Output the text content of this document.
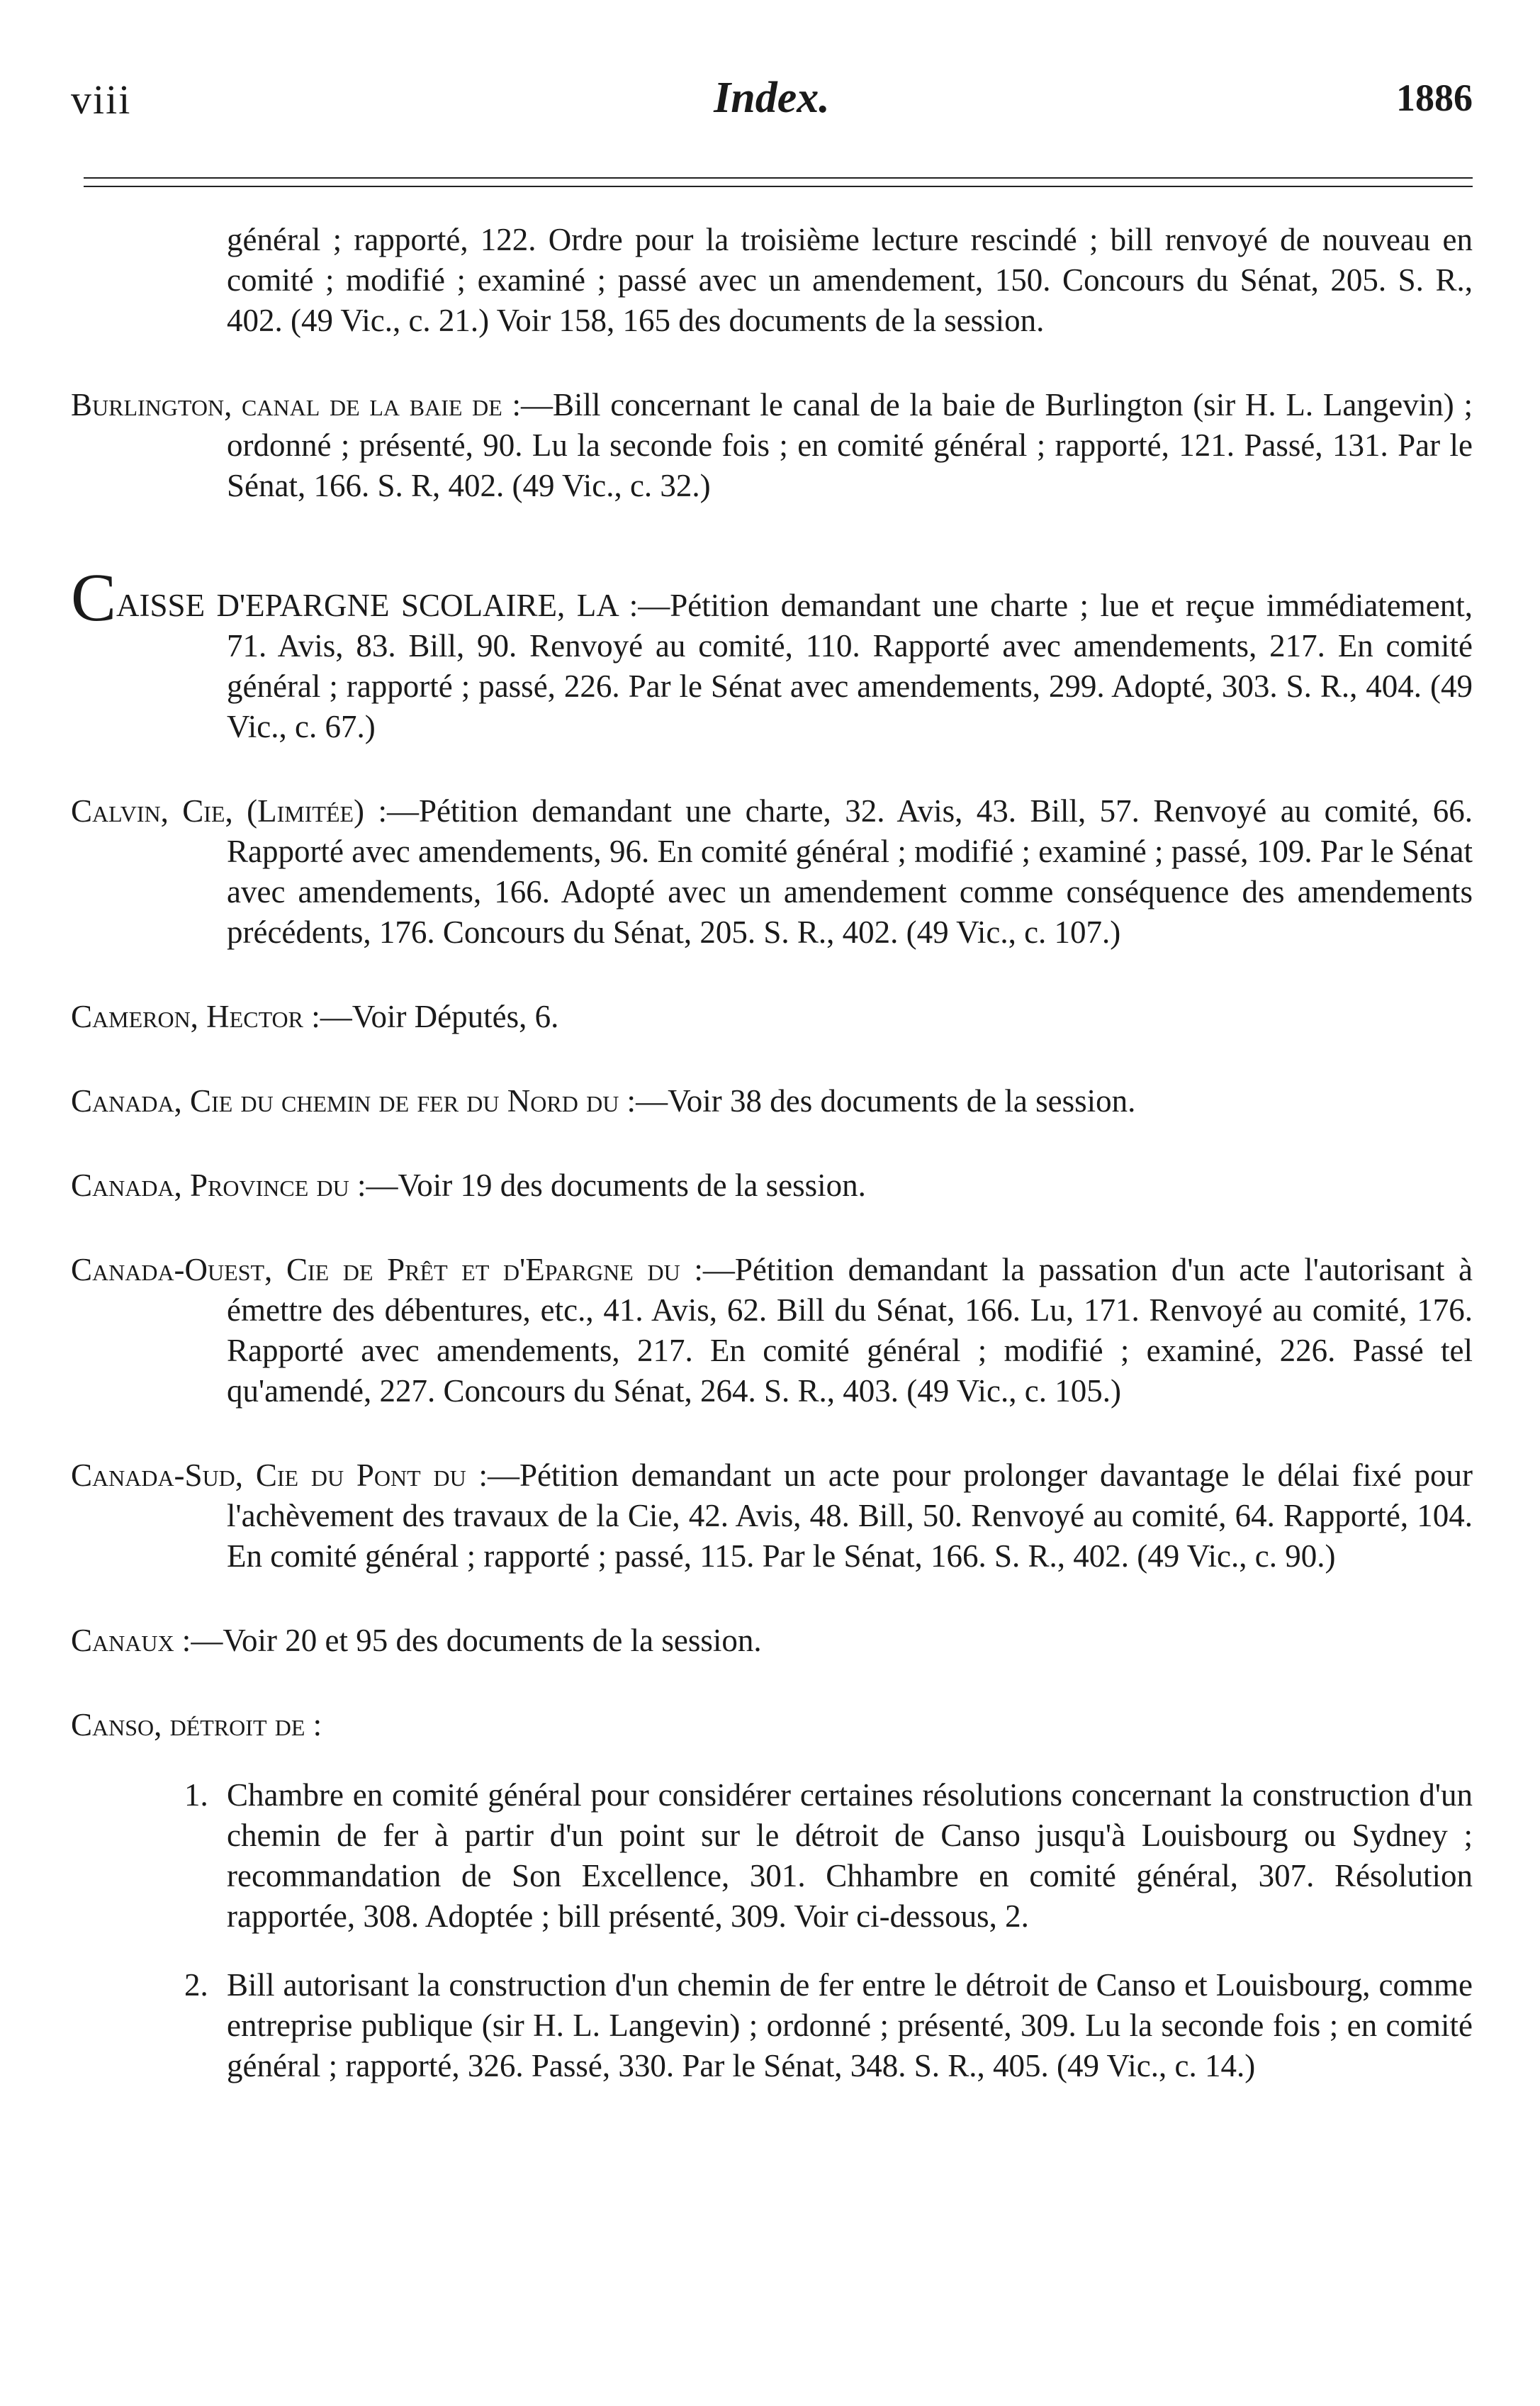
viii	Index.	1886

général ; rapporté, 122. Ordre pour la troisième lecture rescindé ; bill renvoyé de nouveau en comité ; modifié ; examiné ; passé avec un amendement, 150. Concours du Sénat, 205. S. R., 402. (49 Vic., c. 21.) Voir 158, 165 des documents de la session.

Burlington, canal de la baie de :—Bill concernant le canal de la baie de Burlington (sir H. L. Langevin) ; ordonné ; présenté, 90. Lu la seconde fois ; en comité général ; rapporté, 121. Passé, 131. Par le Sénat, 166. S. R, 402. (49 Vic., c. 32.)

CAISSE D'EPARGNE SCOLAIRE, LA :—Pétition demandant une charte ; lue et reçue immédiatement, 71. Avis, 83. Bill, 90. Renvoyé au comité, 110. Rapporté avec amendements, 217. En comité général ; rapporté ; passé, 226. Par le Sénat avec amendements, 299. Adopté, 303. S. R., 404. (49 Vic., c. 67.)

Calvin, Cie, (Limitée) :—Pétition demandant une charte, 32. Avis, 43. Bill, 57. Renvoyé au comité, 66. Rapporté avec amendements, 96. En comité général ; modifié ; examiné ; passé, 109. Par le Sénat avec amendements, 166. Adopté avec un amendement comme conséquence des amendements précédents, 176. Concours du Sénat, 205. S. R., 402. (49 Vic., c. 107.)

Cameron, Hector :—Voir Députés, 6.

Canada, Cie du chemin de fer du Nord du :—Voir 38 des documents de la session.

Canada, Province du :—Voir 19 des documents de la session.

Canada-Ouest, Cie de Prêt et d'Epargne du :—Pétition demandant la passation d'un acte l'autorisant à émettre des débentures, etc., 41. Avis, 62. Bill du Sénat, 166. Lu, 171. Renvoyé au comité, 176. Rapporté avec amendements, 217. En comité général ; modifié ; examiné, 226. Passé tel qu'amendé, 227. Concours du Sénat, 264. S. R., 403. (49 Vic., c. 105.)

Canada-Sud, Cie du Pont du :—Pétition demandant un acte pour prolonger davantage le délai fixé pour l'achèvement des travaux de la Cie, 42. Avis, 48. Bill, 50. Renvoyé au comité, 64. Rapporté, 104. En comité général ; rapporté ; passé, 115. Par le Sénat, 166. S. R., 402. (49 Vic., c. 90.)

Canaux :—Voir 20 et 95 des documents de la session.

Canso, détroit de :

1. Chambre en comité général pour considérer certaines résolutions concernant la construction d'un chemin de fer à partir d'un point sur le détroit de Canso jusqu'à Louisbourg ou Sydney ; recommandation de Son Excellence, 301. Chhambre en comité général, 307. Résolution rapportée, 308. Adoptée ; bill présenté, 309. Voir ci-dessous, 2.

2. Bill autorisant la construction d'un chemin de fer entre le détroit de Canso et Louisbourg, comme entreprise publique (sir H. L. Langevin) ; ordonné ; présenté, 309. Lu la seconde fois ; en comité général ; rapporté, 326. Passé, 330. Par le Sénat, 348. S. R., 405. (49 Vic., c. 14.)
